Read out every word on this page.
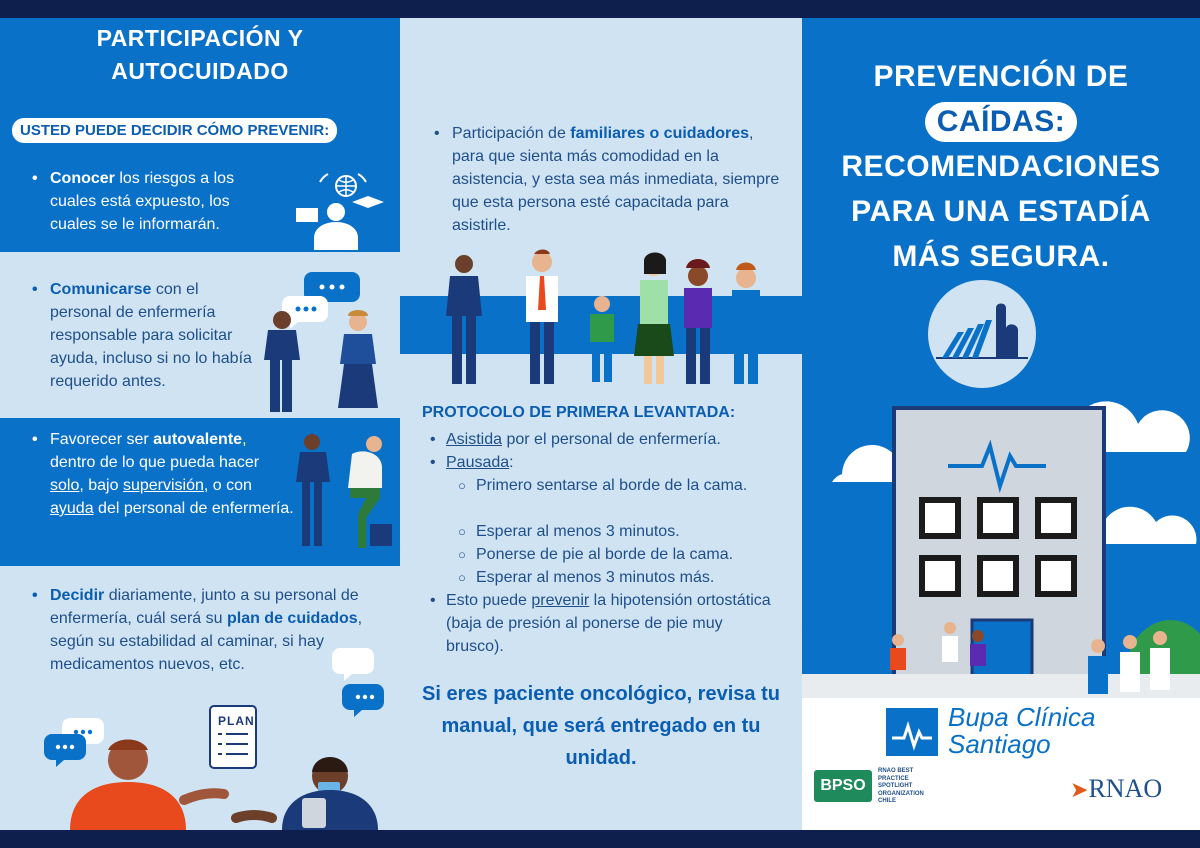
PARTICIPACIÓN Y
AUTOCUIDADO
USTED PUEDE DECIDIR CÓMO PREVENIR:
• Conocer los riesgos a los cuales está expuesto, los cuales se le informarán.
• Comunicarse con el personal de enfermería responsable para solicitar ayuda, incluso si no lo había requerido antes.
• Favorecer ser autovalente, dentro de lo que pueda hacer solo, bajo supervisión, o con ayuda del personal de enfermería.
• Decidir diariamente, junto a su personal de enfermería, cuál será su plan de cuidados, según su estabilidad al caminar, si hay medicamentos nuevos, etc.
PLAN
• Participación de familiares o cuidadores, para que sienta más comodidad en la asistencia, y esta sea más inmediata, siempre que esta persona esté capacitada para asistirle.
PROTOCOLO DE PRIMERA LEVANTADA:
• Asistida por el personal de enfermería.
• Pausada:
○ Primero sentarse al borde de la cama.
○ Esperar al menos 3 minutos.
○ Ponerse de pie al borde de la cama.
○ Esperar al menos 3 minutos más.
• Esto puede prevenir la hipotensión ortostática (baja de presión al ponerse de pie muy brusco).
Si eres paciente oncológico, revisa tu manual, que será entregado en tu unidad.
PREVENCIÓN DE
CAÍDAS:
RECOMENDACIONES
PARA UNA ESTADÍA
MÁS SEGURA.
Bupa Clínica
Santiago
BPSO
RNAO BEST PRACTICE SPOTLIGHT ORGANIZATION CHILE	➤RNAO
